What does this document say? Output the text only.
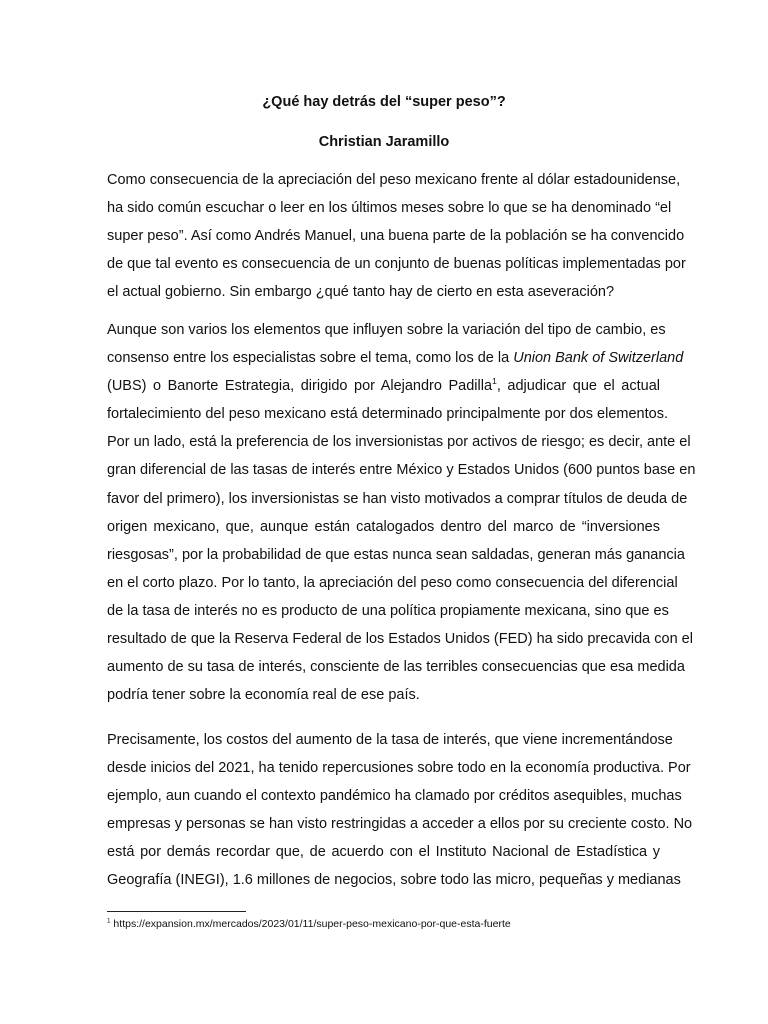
¿Qué hay detrás del “super peso”?
Christian Jaramillo
Como consecuencia de la apreciación del peso mexicano frente al dólar estadounidense,
ha sido común escuchar o leer en los últimos meses sobre lo que se ha denominado “el
super peso”. Así como Andrés Manuel, una buena parte de la población se ha convencido
de que tal evento es consecuencia de un conjunto de buenas políticas implementadas por
el actual gobierno. Sin embargo ¿qué tanto hay de cierto en esta aseveración?
Aunque son varios los elementos que influyen sobre la variación del tipo de cambio, es
consenso entre los especialistas sobre el tema, como los de la Union Bank of Switzerland
(UBS) o Banorte Estrategia, dirigido por Alejandro Padilla$^1$, adjudicar que el actual
fortalecimiento del peso mexicano está determinado principalmente por dos elementos.
Por un lado, está la preferencia de los inversionistas por activos de riesgo; es decir, ante el
gran diferencial de las tasas de interés entre México y Estados Unidos (600 puntos base en
favor del primero), los inversionistas se han visto motivados a comprar títulos de deuda de
origen mexicano, que, aunque están catalogados dentro del marco de “inversiones
riesgosas”, por la probabilidad de que estas nunca sean saldadas, generan más ganancia
en el corto plazo. Por lo tanto, la apreciación del peso como consecuencia del diferencial
de la tasa de interés no es producto de una política propiamente mexicana, sino que es
resultado de que la Reserva Federal de los Estados Unidos (FED) ha sido precavida con el
aumento de su tasa de interés, consciente de las terribles consecuencias que esa medida
podría tener sobre la economía real de ese país.
Precisamente, los costos del aumento de la tasa de interés, que viene incrementándose
desde inicios del 2021, ha tenido repercusiones sobre todo en la economía productiva. Por
ejemplo, aun cuando el contexto pandémico ha clamado por créditos asequibles, muchas
empresas y personas se han visto restringidas a acceder a ellos por su creciente costo. No
está por demás recordar que, de acuerdo con el Instituto Nacional de Estadística y
Geografía (INEGI), 1.6 millones de negocios, sobre todo las micro, pequeñas y medianas
$^1$ https://expansion.mx/mercados/2023/01/11/super-peso-mexicano-por-que-esta-fuerte
